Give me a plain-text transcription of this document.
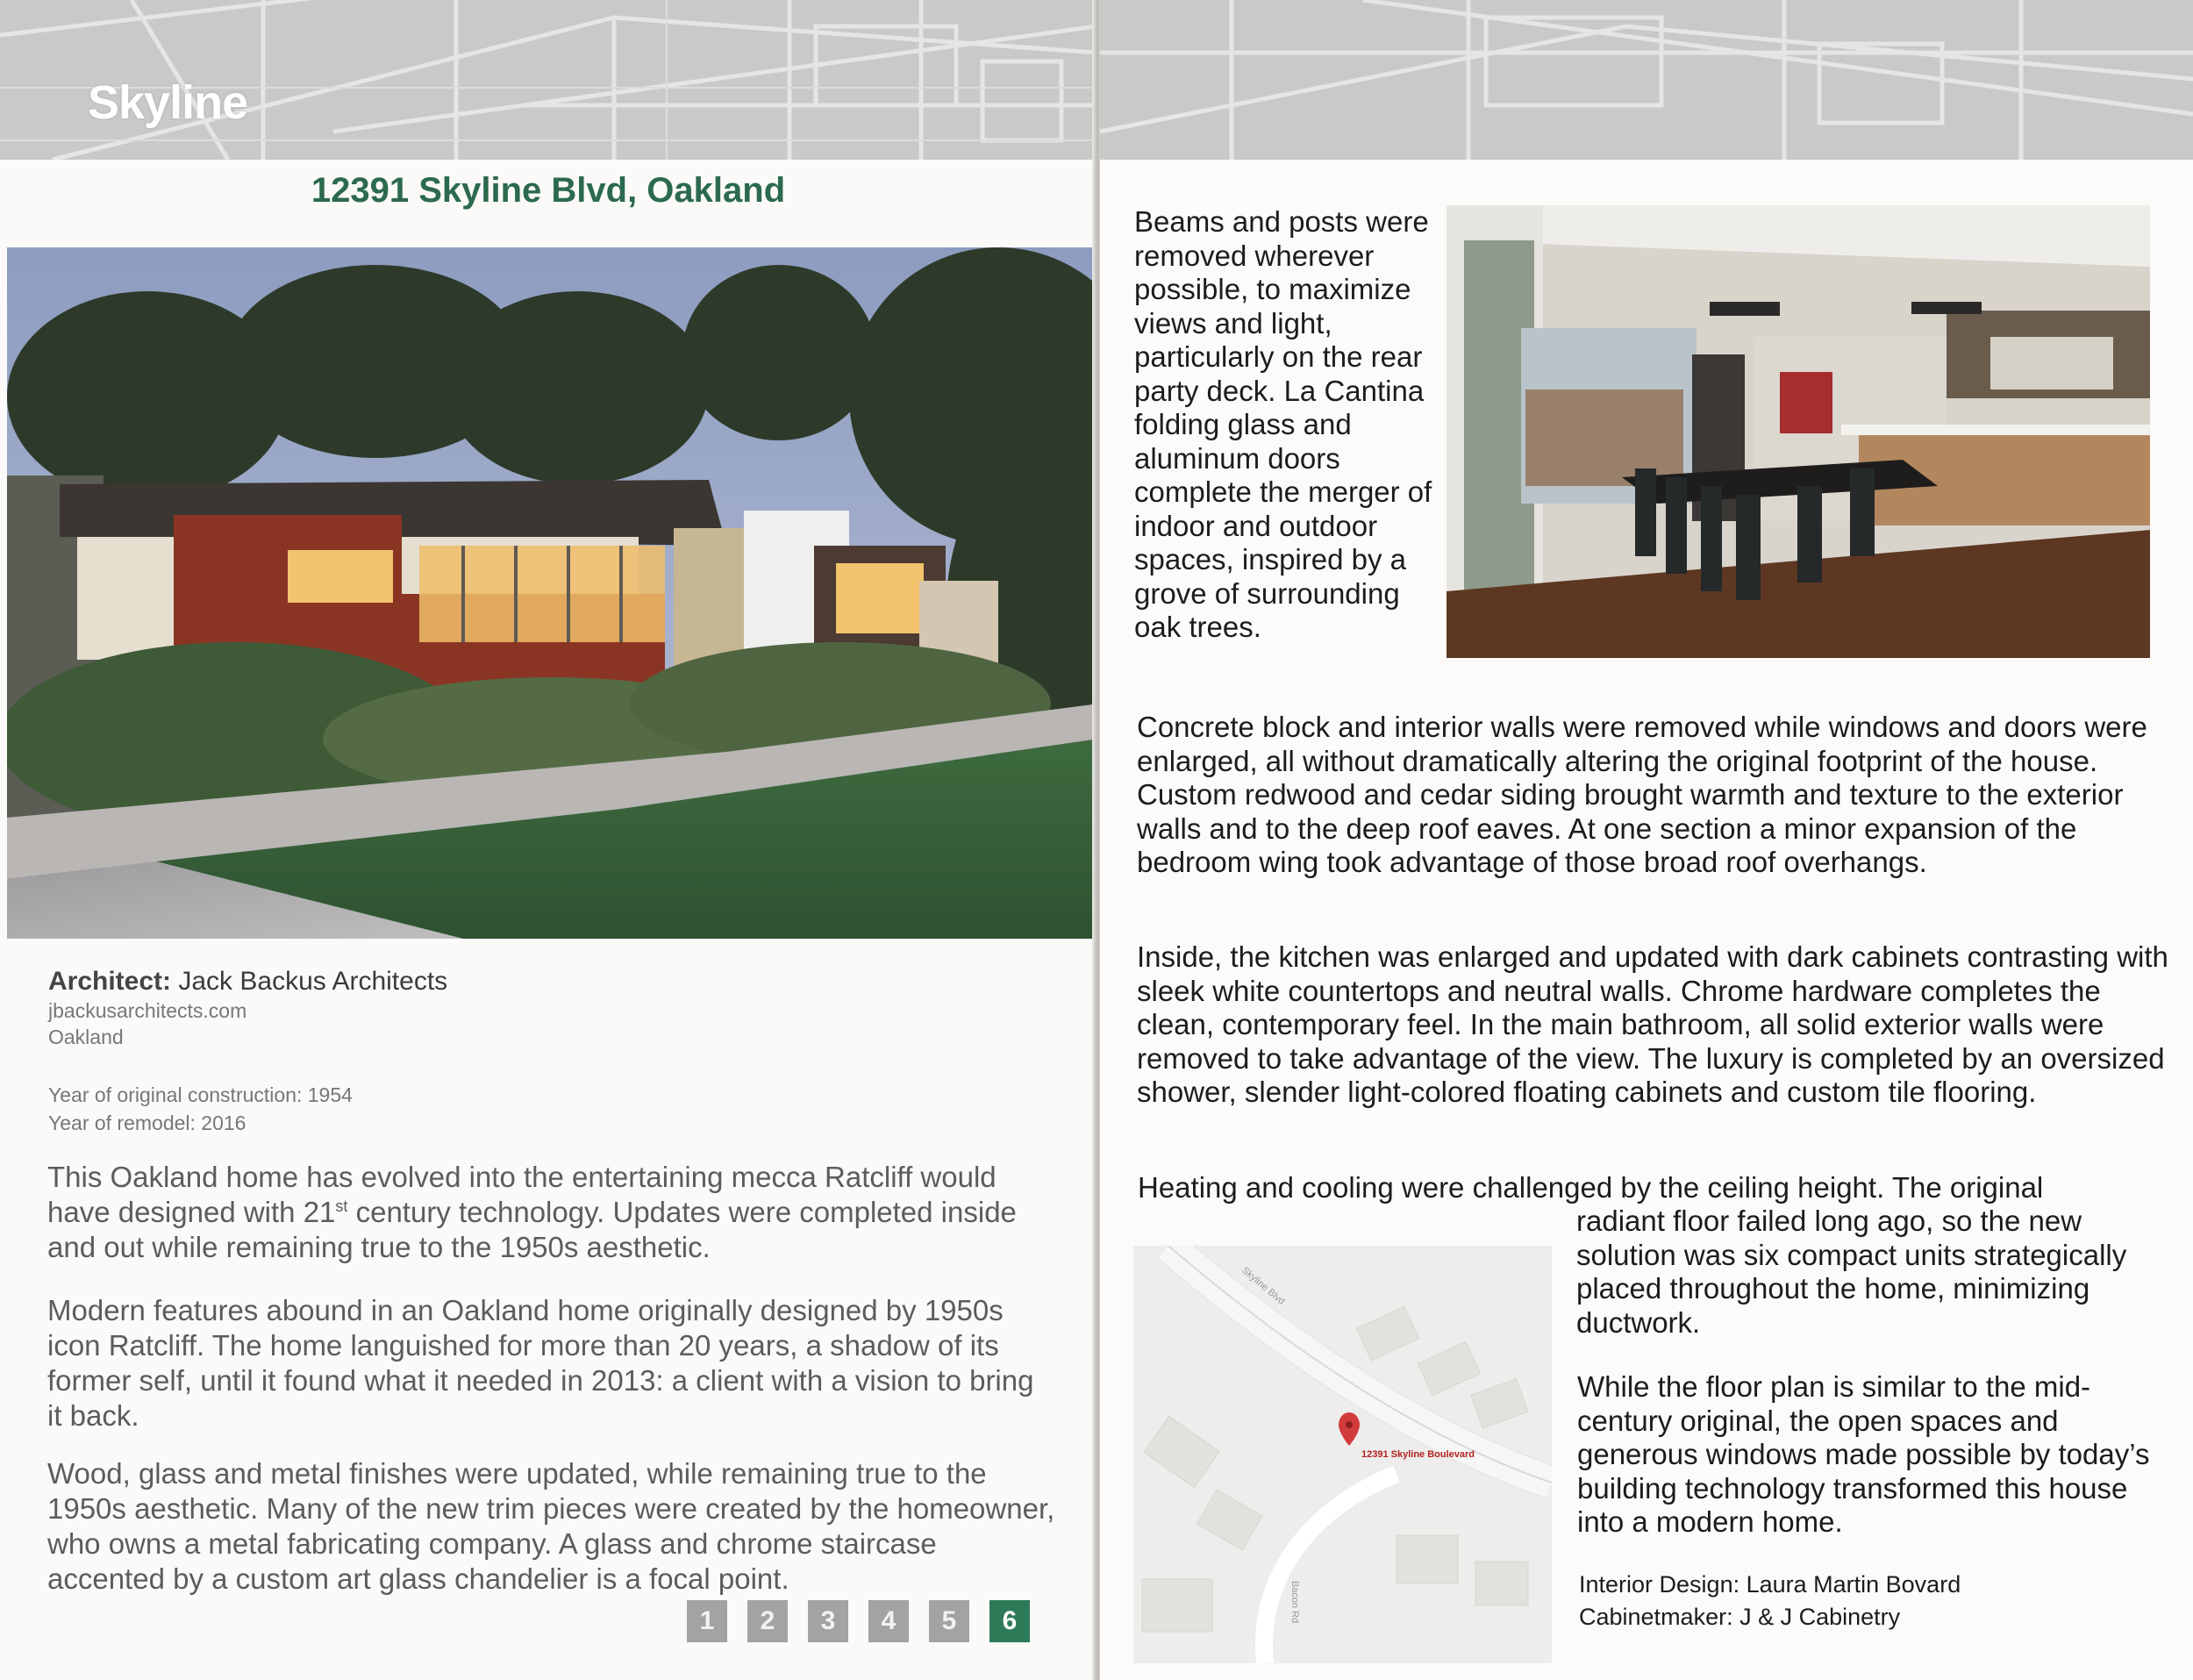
Skyline
12391 Skyline Blvd, Oakland
Architect: Jack Backus Architects
jbackusarchitects.com
Oakland
Year of original construction: 1954
Year of remodel: 2016

This Oakland home has evolved into the entertaining mecca Ratcliff would have designed with 21st century technology. Updates were completed inside and out while remaining true to the 1950s aesthetic.

Modern features abound in an Oakland home originally designed by 1950s icon Ratcliff. The home languished for more than 20 years, a shadow of its former self, until it found what it needed in 2013: a client with a vision to bring it back.

Wood, glass and metal finishes were updated, while remaining true to the 1950s aesthetic. Many of the new trim pieces were created by the homeowner, who owns a metal fabricating company. A glass and chrome staircase accented by a custom art glass chandelier is a focal point.

1	2	3	4	5	6

Beams and posts were removed wherever possible, to maximize views and light, particularly on the rear party deck. La Cantina folding glass and aluminum doors complete the merger of indoor and outdoor spaces, inspired by a grove of surrounding oak trees.

Concrete block and interior walls were removed while windows and doors were enlarged, all without dramatically altering the original footprint of the house. Custom redwood and cedar siding brought warmth and texture to the exterior walls and to the deep roof eaves. At one section a minor expansion of the bedroom wing took advantage of those broad roof overhangs.

Inside, the kitchen was enlarged and updated with dark cabinets contrasting with sleek white countertops and neutral walls. Chrome hardware completes the clean, contemporary feel. In the main bathroom, all solid exterior walls were removed to take advantage of the view. The luxury is completed by an oversized shower, slender light-colored floating cabinets and custom tile flooring.

Heating and cooling were challenged by the ceiling height. The original

radiant floor failed long ago, so the new solution was six compact units strategically placed throughout the home, minimizing ductwork.

While the floor plan is similar to the mid-century original, the open spaces and generous windows made possible by today’s building technology transformed this house into a modern home.

Interior Design: Laura Martin Bovard
Cabinetmaker: J & J Cabinetry
Skyline Blvd
Bacon Rd
12391 Skyline Boulevard
